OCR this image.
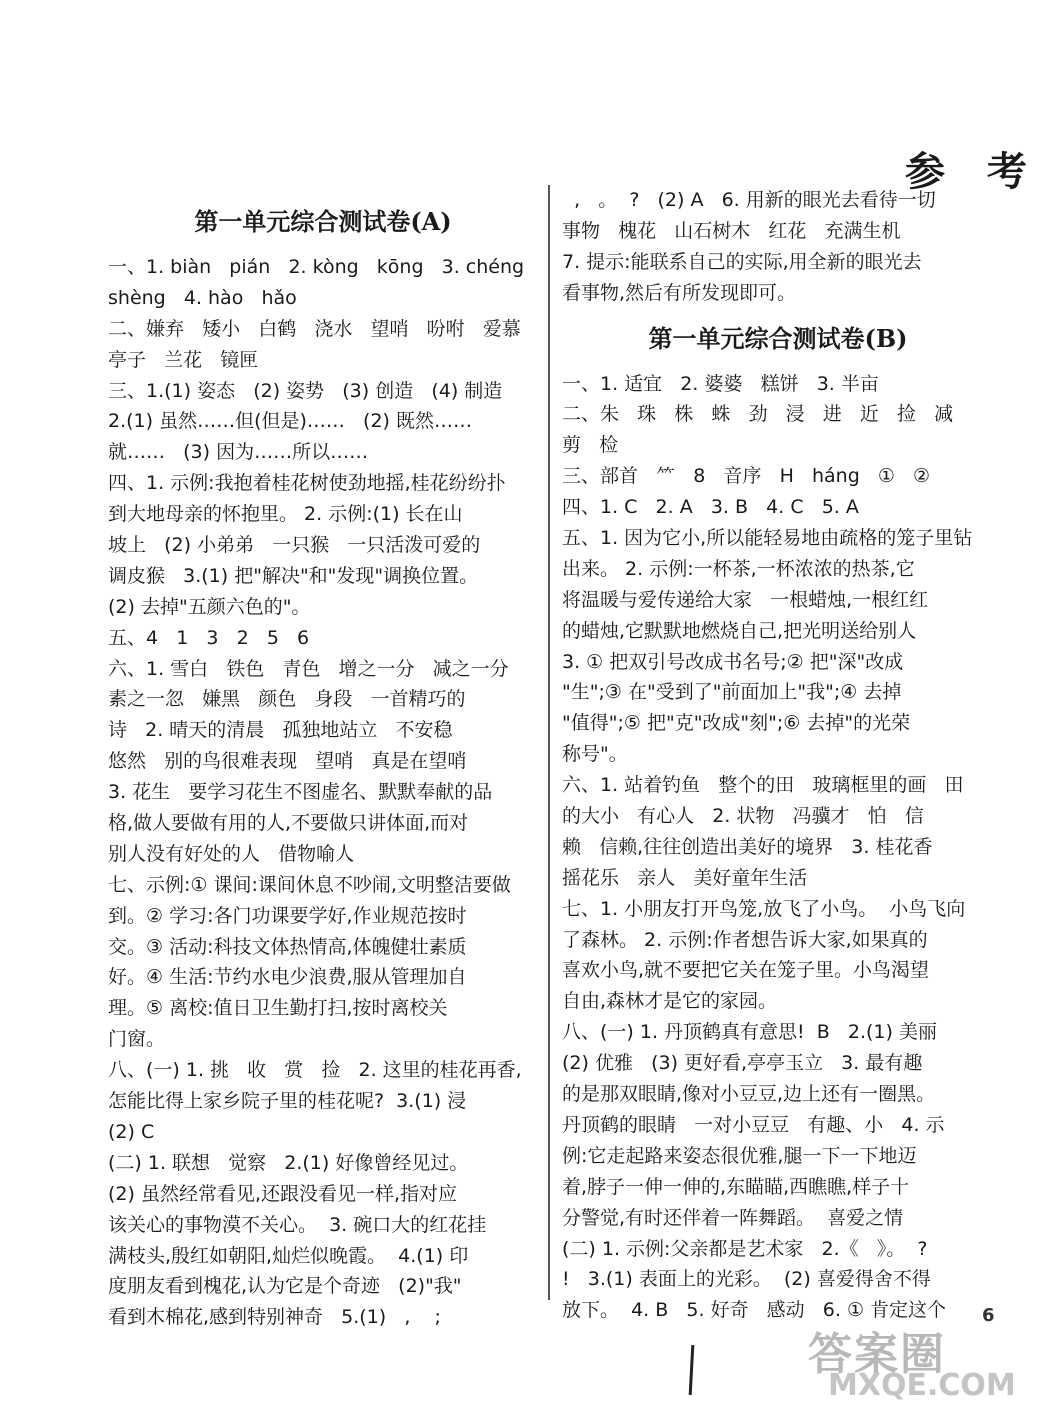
参 考
第一单元综合测试卷(A)
一、1. biàn   pián   2. kòng   kōng   3. chéng
shèng   4. hào   hǎo
二、嫌弃   矮小   白鹤   浇水   望哨   吩咐   爱慕
亭子   兰花   镜匣
三、1.(1) 姿态   (2) 姿势   (3) 创造   (4) 制造
2.(1) 虽然……但(但是)……   (2) 既然……
就……   (3) 因为……所以……
四、1. 示例:我抱着桂花树使劲地摇,桂花纷纷扑
到大地母亲的怀抱里。 2. 示例:(1) 长在山
坡上   (2) 小弟弟   一只猴   一只活泼可爱的
调皮猴   3.(1) 把"解决"和"发现"调换位置。
(2) 去掉"五颜六色的"。
五、4   1   3   2   5   6
六、1. 雪白   铁色   青色   增之一分   减之一分
素之一忽   嫌黑   颜色   身段   一首精巧的
诗   2. 晴天的清晨   孤独地站立   不安稳
悠然   别的鸟很难表现   望哨   真是在望哨
3. 花生   要学习花生不图虚名、默默奉献的品
格,做人要做有用的人,不要做只讲体面,而对
别人没有好处的人   借物喻人
七、示例:① 课间:课间休息不吵闹,文明整洁要做
到。② 学习:各门功课要学好,作业规范按时
交。③ 活动:科技文体热情高,体魄健壮素质
好。④ 生活:节约水电少浪费,服从管理加自
理。⑤ 离校:值日卫生勤打扫,按时离校关
门窗。
八、(一) 1. 挑   收   赏   捡   2. 这里的桂花再香,
怎能比得上家乡院子里的桂花呢?  3.(1) 浸
(2) C
(二) 1. 联想   觉察   2.(1) 好像曾经见过。
(2) 虽然经常看见,还跟没看见一样,指对应
该关心的事物漠不关心。  3. 碗口大的红花挂
满枝头,殷红如朝阳,灿烂似晚霞。  4.(1) 印
度朋友看到槐花,认为它是个奇迹   (2)"我"
看到木棉花,感到特别神奇   5.(1)   ,    ;
,   。  ?   (2) A   6. 用新的眼光去看待一切
事物   槐花   山石树木   红花   充满生机
7. 提示:能联系自己的实际,用全新的眼光去
看事物,然后有所发现即可。
第一单元综合测试卷(B)
一、1. 适宜   2. 婆婆   糕饼   3. 半亩
二、朱   珠   株   蛛   劲   浸   进   近   捡   减
剪   检
三、部首   ⺮   8   音序   H   háng   ①   ②
四、1. C   2. A   3. B   4. C   5. A
五、1. 因为它小,所以能轻易地由疏格的笼子里钻
出来。 2. 示例:一杯茶,一杯浓浓的热茶,它
将温暖与爱传递给大家   一根蜡烛,一根红红
的蜡烛,它默默地燃烧自己,把光明送给别人
3. ① 把双引号改成书名号;② 把"深"改成
"生";③ 在"受到了"前面加上"我";④ 去掉
"值得";⑤ 把"克"改成"刻";⑥ 去掉"的光荣
称号"。
六、1. 站着钓鱼   整个的田   玻璃框里的画   田
的大小   有心人   2. 状物   冯骥才   怕   信
赖   信赖,往往创造出美好的境界   3. 桂花香
摇花乐   亲人   美好童年生活
七、1. 小朋友打开鸟笼,放飞了小鸟。  小鸟飞向
了森林。 2. 示例:作者想告诉大家,如果真的
喜欢小鸟,就不要把它关在笼子里。小鸟渴望
自由,森林才是它的家园。
八、(一) 1. 丹顶鹤真有意思!  B   2.(1) 美丽
(2) 优雅   (3) 更好看,亭亭玉立   3. 最有趣
的是那双眼睛,像对小豆豆,边上还有一圈黑。
丹顶鹤的眼睛   一对小豆豆   有趣、小   4. 示
例:它走起路来姿态很优雅,腿一下一下地迈
着,脖子一伸一伸的,东瞄瞄,西瞧瞧,样子十
分警觉,有时还伴着一阵舞蹈。  喜爱之情
(二) 1. 示例:父亲都是艺术家   2.《   》。  ?
!   3.(1) 表面上的光彩。  (2) 喜爱得舍不得
放下。  4. B   5. 好奇   感动   6. ① 肯定这个	6
答案圈
MXQE.COM
